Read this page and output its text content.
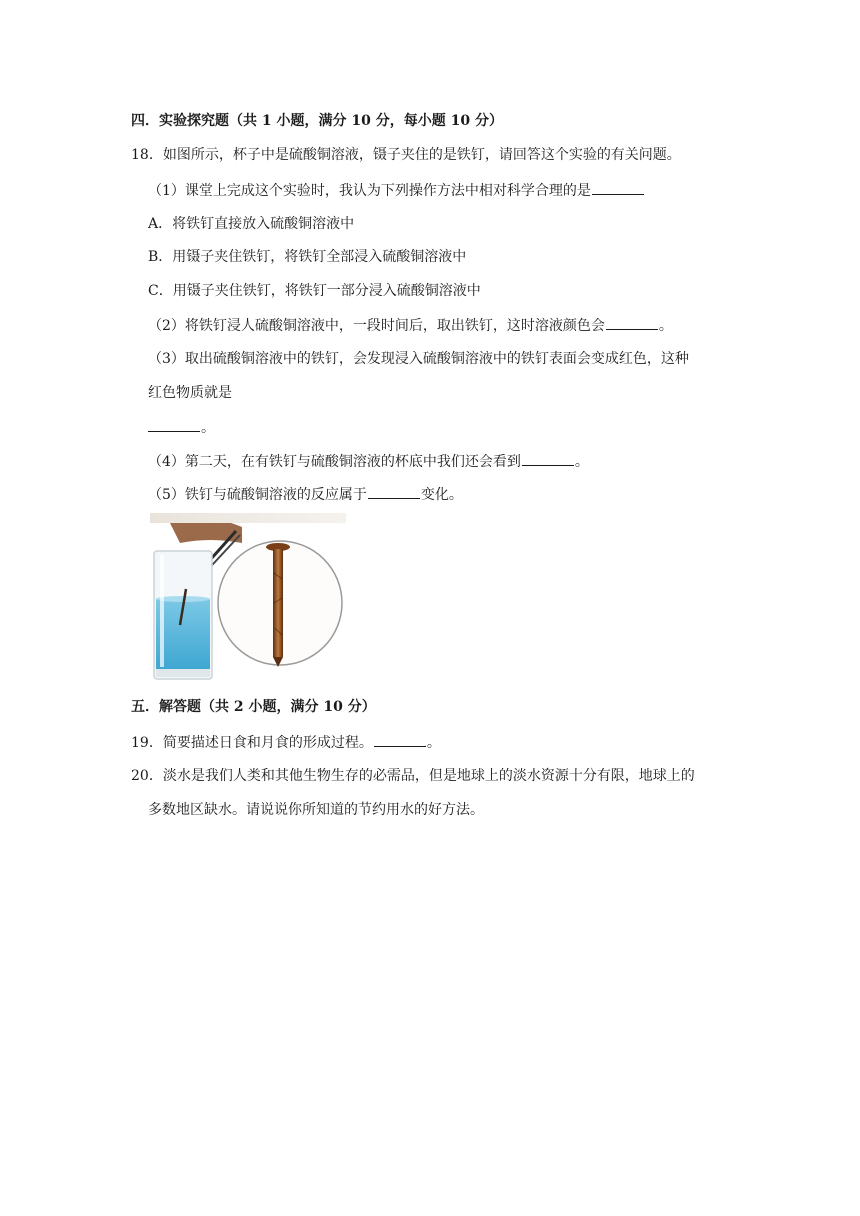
四．实验探究题（共 1 小题，满分 10 分，每小题 10 分）
18．如图所示，杯子中是硫酸铜溶液，镊子夹住的是铁钉，请回答这个实验的有关问题。
（1）课堂上完成这个实验时，我认为下列操作方法中相对科学合理的是
A．将铁钉直接放入硫酸铜溶液中
B．用镊子夹住铁钉，将铁钉全部浸入硫酸铜溶液中
C．用镊子夹住铁钉，将铁钉一部分浸入硫酸铜溶液中
（2）将铁钉浸人硫酸铜溶液中，一段时间后，取出铁钉，这时溶液颜色会	。
（3）取出硫酸铜溶液中的铁钉，会发现浸入硫酸铜溶液中的铁钉表面会变成红色，这种
红色物质就是
。
（4）第二天，在有铁钉与硫酸铜溶液的杯底中我们还会看到	。
（5）铁钉与硫酸铜溶液的反应属于	变化。
五．解答题（共 2 小题，满分 10 分）
19．简要描述日食和月食的形成过程。	。
20．淡水是我们人类和其他生物生存的必需品，但是地球上的淡水资源十分有限，地球上的
多数地区缺水。请说说你所知道的节约用水的好方法。
